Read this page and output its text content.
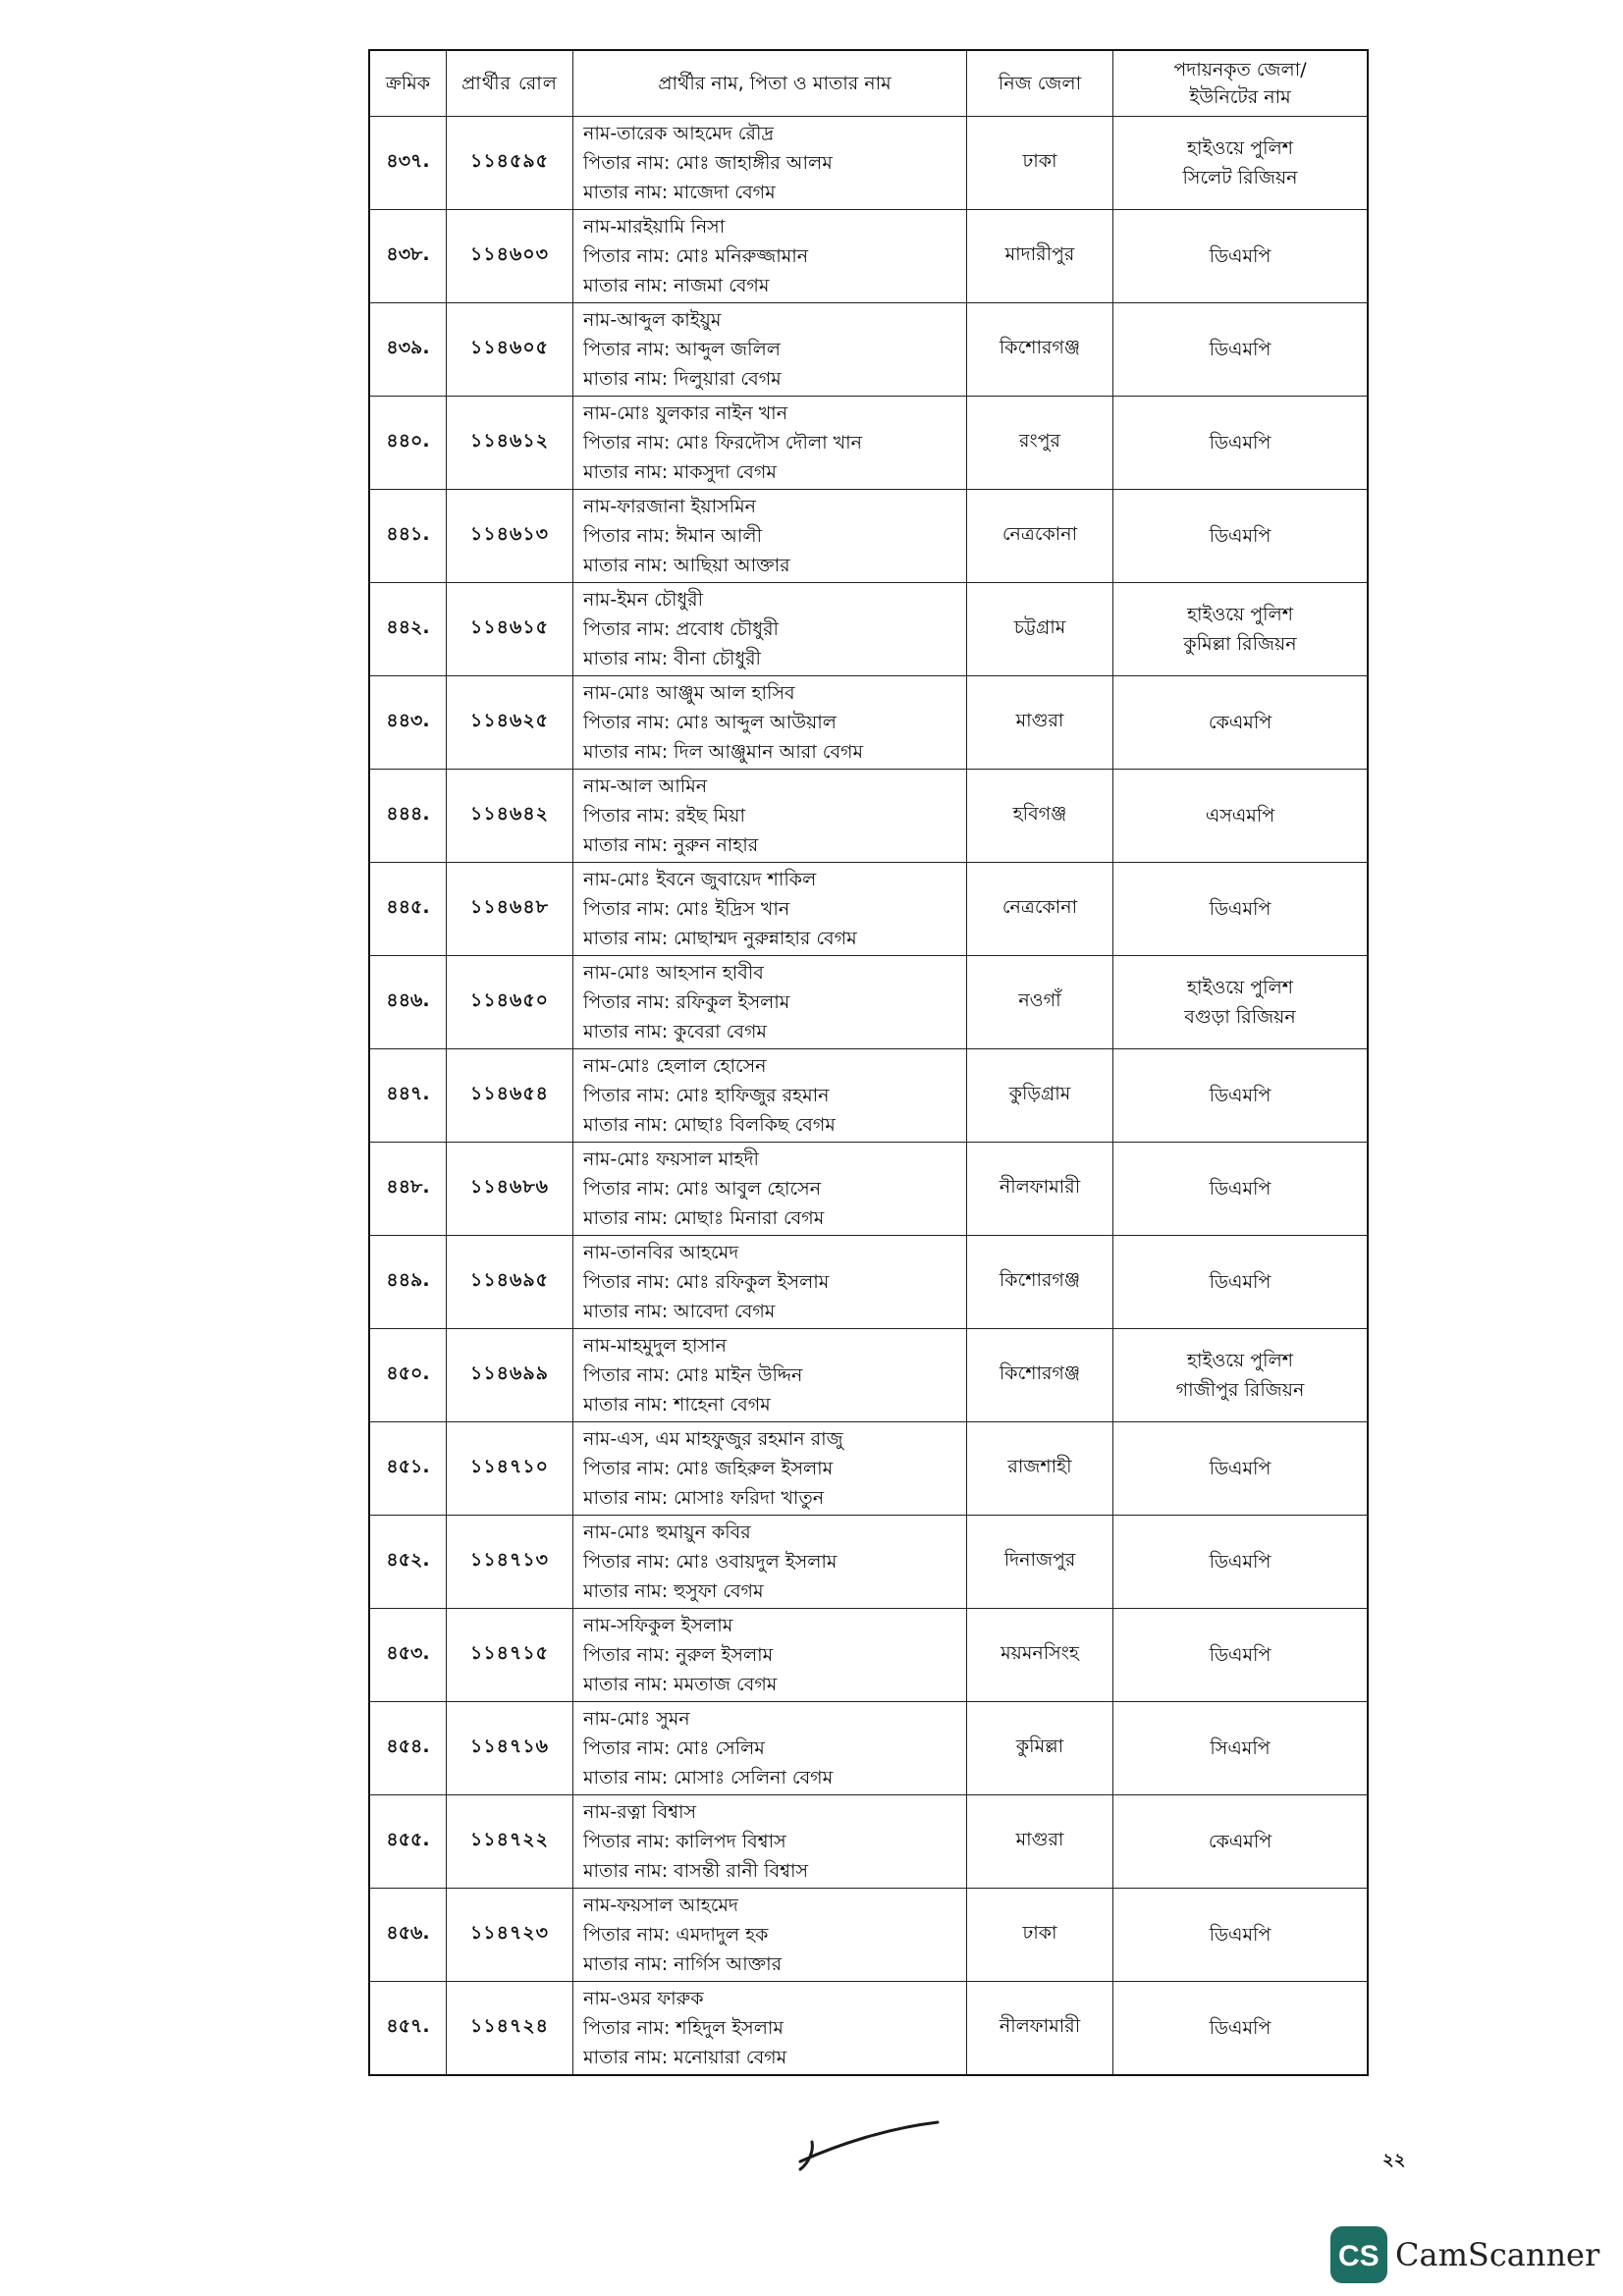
ক্রমিক	প্রার্থীর রোল	প্রার্থীর নাম, পিতা ও মাতার নাম	নিজ জেলা	পদায়নকৃত জেলা/
ইউনিটের নাম

৪৩৭.	১১৪৫৯৫	নাম-তারেক আহমেদ রৌদ্র
পিতার নাম: মোঃ জাহাঙ্গীর আলম
মাতার নাম: মাজেদা বেগম	ঢাকা	হাইওয়ে পুলিশ
সিলেট রিজিয়ন

৪৩৮.	১১৪৬০৩	নাম-মারইয়ামি নিসা
পিতার নাম: মোঃ মনিরুজ্জামান
মাতার নাম: নাজমা বেগম	মাদারীপুর	ডিএমপি

৪৩৯.	১১৪৬০৫	নাম-আব্দুল কাইয়ুম
পিতার নাম: আব্দুল জলিল
মাতার নাম: দিলুয়ারা বেগম	কিশোরগঞ্জ	ডিএমপি

৪৪০.	১১৪৬১২	নাম-মোঃ যুলকার নাইন খান
পিতার নাম: মোঃ ফিরদৌস দৌলা খান
মাতার নাম: মাকসুদা বেগম	রংপুর	ডিএমপি

৪৪১.	১১৪৬১৩	নাম-ফারজানা ইয়াসমিন
পিতার নাম: ঈমান আলী
মাতার নাম: আছিয়া আক্তার	নেত্রকোনা	ডিএমপি

৪৪২.	১১৪৬১৫	নাম-ইমন চৌধুরী
পিতার নাম: প্রবোধ চৌধুরী
মাতার নাম: বীনা চৌধুরী	চট্টগ্রাম	হাইওয়ে পুলিশ
কুমিল্লা রিজিয়ন

৪৪৩.	১১৪৬২৫	নাম-মোঃ আঞ্জুম আল হাসিব
পিতার নাম: মোঃ আব্দুল আউয়াল
মাতার নাম: দিল আঞ্জুমান আরা বেগম	মাগুরা	কেএমপি

৪৪৪.	১১৪৬৪২	নাম-আল আমিন
পিতার নাম: রইছ মিয়া
মাতার নাম: নুরুন নাহার	হবিগঞ্জ	এসএমপি

৪৪৫.	১১৪৬৪৮	নাম-মোঃ ইবনে জুবায়েদ শাকিল
পিতার নাম: মোঃ ইদ্রিস খান
মাতার নাম: মোছাম্মদ নুরুন্নাহার বেগম	নেত্রকোনা	ডিএমপি

৪৪৬.	১১৪৬৫০	নাম-মোঃ আহসান হাবীব
পিতার নাম: রফিকুল ইসলাম
মাতার নাম: কুবেরা বেগম	নওগাঁ	হাইওয়ে পুলিশ
বগুড়া রিজিয়ন

৪৪৭.	১১৪৬৫৪	নাম-মোঃ হেলাল হোসেন
পিতার নাম: মোঃ হাফিজুর রহমান
মাতার নাম: মোছাঃ বিলকিছ বেগম	কুড়িগ্রাম	ডিএমপি

৪৪৮.	১১৪৬৮৬	নাম-মোঃ ফয়সাল মাহদী
পিতার নাম: মোঃ আবুল হোসেন
মাতার নাম: মোছাঃ মিনারা বেগম	নীলফামারী	ডিএমপি

৪৪৯.	১১৪৬৯৫	নাম-তানবির আহমেদ
পিতার নাম: মোঃ রফিকুল ইসলাম
মাতার নাম: আবেদা বেগম	কিশোরগঞ্জ	ডিএমপি

৪৫০.	১১৪৬৯৯	নাম-মাহমুদুল হাসান
পিতার নাম: মোঃ মাইন উদ্দিন
মাতার নাম: শাহেনা বেগম	কিশোরগঞ্জ	হাইওয়ে পুলিশ
গাজীপুর রিজিয়ন

৪৫১.	১১৪৭১০	নাম-এস, এম মাহফুজুর রহমান রাজু
পিতার নাম: মোঃ জহিরুল ইসলাম
মাতার নাম: মোসাঃ ফরিদা খাতুন	রাজশাহী	ডিএমপি

৪৫২.	১১৪৭১৩	নাম-মোঃ হুমায়ুন কবির
পিতার নাম: মোঃ ওবায়দুল ইসলাম
মাতার নাম: হুসুফা বেগম	দিনাজপুর	ডিএমপি

৪৫৩.	১১৪৭১৫	নাম-সফিকুল ইসলাম
পিতার নাম: নুরুল ইসলাম
মাতার নাম: মমতাজ বেগম	ময়মনসিংহ	ডিএমপি

৪৫৪.	১১৪৭১৬	নাম-মোঃ সুমন
পিতার নাম: মোঃ সেলিম
মাতার নাম: মোসাঃ সেলিনা বেগম	কুমিল্লা	সিএমপি

৪৫৫.	১১৪৭২২	নাম-রত্না বিশ্বাস
পিতার নাম: কালিপদ বিশ্বাস
মাতার নাম: বাসন্তী রানী বিশ্বাস	মাগুরা	কেএমপি

৪৫৬.	১১৪৭২৩	নাম-ফয়সাল আহমেদ
পিতার নাম: এমদাদুল হক
মাতার নাম: নার্গিস আক্তার	ঢাকা	ডিএমপি

৪৫৭.	১১৪৭২৪	নাম-ওমর ফারুক
পিতার নাম: শহিদুল ইসলাম
মাতার নাম: মনোয়ারা বেগম	নীলফামারী	ডিএমপি
২২
CS CamScanner
